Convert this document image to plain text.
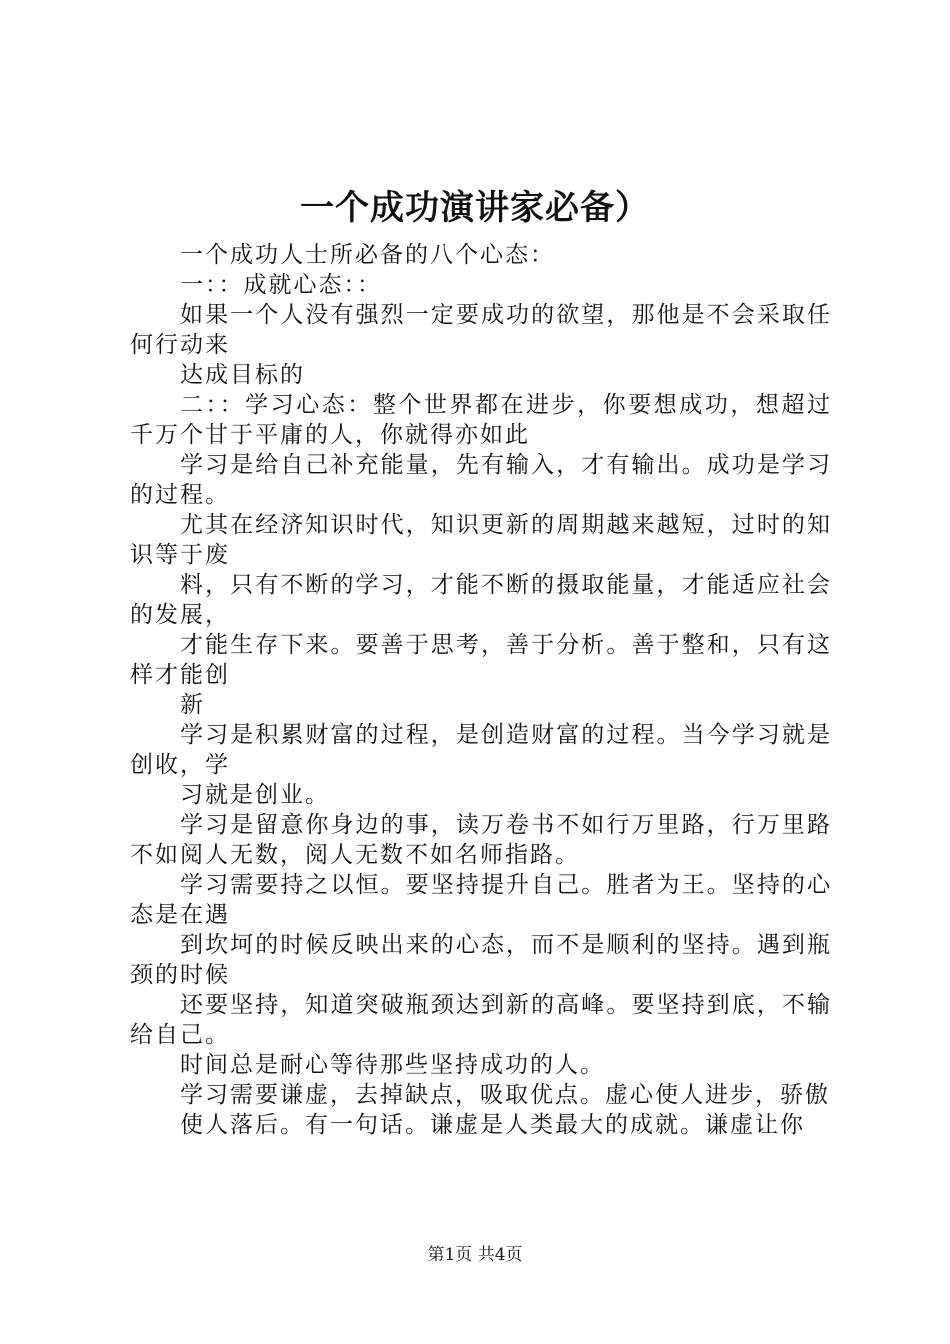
一个成功演讲家必备）

一个成功人士所必备的八个心态：

一：：成就心态：：

如果一个人没有强烈一定要成功的欲望，那他是不会采取任何行动来

达成目标的

二：：学习心态：整个世界都在进步，你要想成功，想超过千万个甘于平庸的人，你就得亦如此

学习是给自己补充能量，先有输入，才有输出。成功是学习的过程。

尤其在经济知识时代，知识更新的周期越来越短，过时的知识等于废

料，只有不断的学习，才能不断的摄取能量，才能适应社会的发展，

才能生存下来。要善于思考，善于分析。善于整和，只有这样才能创

新

学习是积累财富的过程，是创造财富的过程。当今学习就是创收，学

习就是创业。

学习是留意你身边的事，读万卷书不如行万里路，行万里路不如阅人无数，阅人无数不如名师指路。

学习需要持之以恒。要坚持提升自己。胜者为王。坚持的心态是在遇

到坎坷的时候反映出来的心态，而不是顺利的坚持。遇到瓶颈的时候

还要坚持，知道突破瓶颈达到新的高峰。要坚持到底，不输给自己。

时间总是耐心等待那些坚持成功的人。

学习需要谦虚，去掉缺点，吸取优点。虚心使人进步，骄傲

使人落后。有一句话。谦虚是人类最大的成就。谦虚让你

第1页 共4页
